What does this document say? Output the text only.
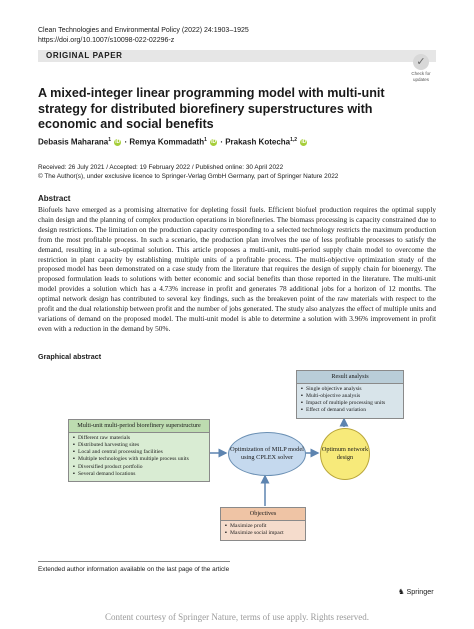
Clean Technologies and Environmental Policy (2022) 24:1903–1925
https://doi.org/10.1007/s10098-022-02296-z
ORIGINAL PAPER
✓
Check for updates
A mixed-integer linear programming model with multi-unit strategy for distributed biorefinery superstructures with economic and social benefits
Debasis Maharana$^1$ iD · Remya Kommadath$^1$ iD · Prakash Kotecha$^{1,2}$ iD
Received: 26 July 2021 / Accepted: 19 February 2022 / Published online: 30 April 2022
© The Author(s), under exclusive licence to Springer-Verlag GmbH Germany, part of Springer Nature 2022
Abstract
Biofuels have emerged as a promising alternative for depleting fossil fuels. Efficient biofuel production requires the optimal supply chain design and the planning of complex production operations in biorefineries. The biomass processing is capacity constrained due to design restrictions. The limitation on the production capacity corresponding to a selected technology restricts the maximum production from the most profitable process. In such a scenario, the production plan involves the use of less profitable processes to satisfy the demand, resulting in a sub-optimal solution. This article proposes a multi-unit, multi-period supply chain model to overcome the restriction in plant capacity by establishing multiple units of a profitable process. The multi-objective optimization study of the proposed model has been demonstrated on a case study from the literature that requires the design of supply chain for bioenergy. The proposed formulation leads to solutions with better economic and social benefits than those reported in the literature. The multi-unit model provides a solution which has a 4.73% increase in profit and generates 78 additional jobs for a horizon of 12 months. The optimal network design has contributed to several key findings, such as the breakeven point of the raw materials with respect to the profit and the dual relationship between profit and the number of jobs generated. The study also analyzes the effect of multiple units and variations of demand on the proposed model. The multi-unit model is able to determine a solution with 3.96% improvement in profit even with a reduction in the demand by 50%.
Graphical abstract
Result analysis
▪ Single objective analysis
▪ Multi-objective analysis
▪ Impact of multiple processing units
▪ Effect of demand variation
Multi-unit multi-period biorefinery superstructure
▪ Different raw materials
▪ Distributed harvesting sites
▪ Local and central processing facilities
▪ Multiple technologies with multiple process units
▪ Diversified product portfolio
▪ Several demand locations
Optimization of MILP model using CPLEX solver
Optimum network design
Objectives
▪ Maximize profit
▪ Maximize social impact
Extended author information available on the last page of the article
♞ Springer
Content courtesy of Springer Nature, terms of use apply. Rights reserved.
